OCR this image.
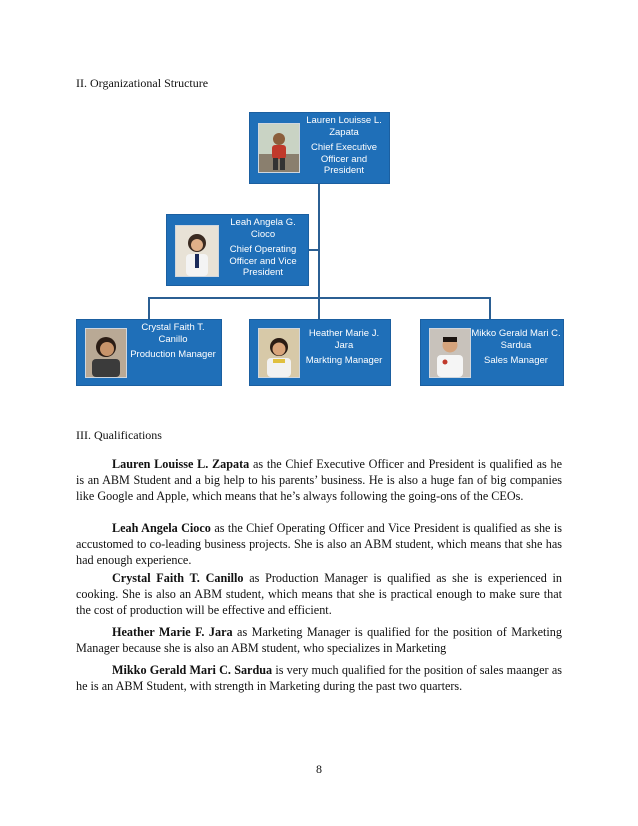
II. Organizational Structure
Lauren Louisse L. Zapata
Chief Executive Officer and President
Leah Angela G. Cioco
Chief Operating Officer and Vice President
Crystal Faith T. Canillo
Production Manager
Heather Marie J. Jara
Markting Manager
Mikko Gerald Mari C. Sardua
Sales Manager
III. Qualifications
Lauren Louisse L. Zapata as the Chief Executive Officer and President is qualified as he is an ABM Student and a big help to his parents’ business. He is also a huge fan of big companies like Google and Apple, which means that he’s always following the going-ons of the CEOs.
Leah Angela Cioco as the Chief Operating Officer and Vice President is qualified as she is accustomed to co-leading business projects. She is also an ABM student, which means that she has had enough experience.
Crystal Faith T. Canillo as Production Manager is qualified as she is experienced in cooking. She is also an ABM student, which means that she is practical enough to make sure that the cost of production will be effective and efficient.
Heather Marie F. Jara as Marketing Manager is qualified for the position of Marketing Manager because she is also an ABM student, who specializes in Marketing
Mikko Gerald Mari C. Sardua is very much qualified for the position of sales maanger as he is an ABM Student, with strength in Marketing during the past two quarters.
8
